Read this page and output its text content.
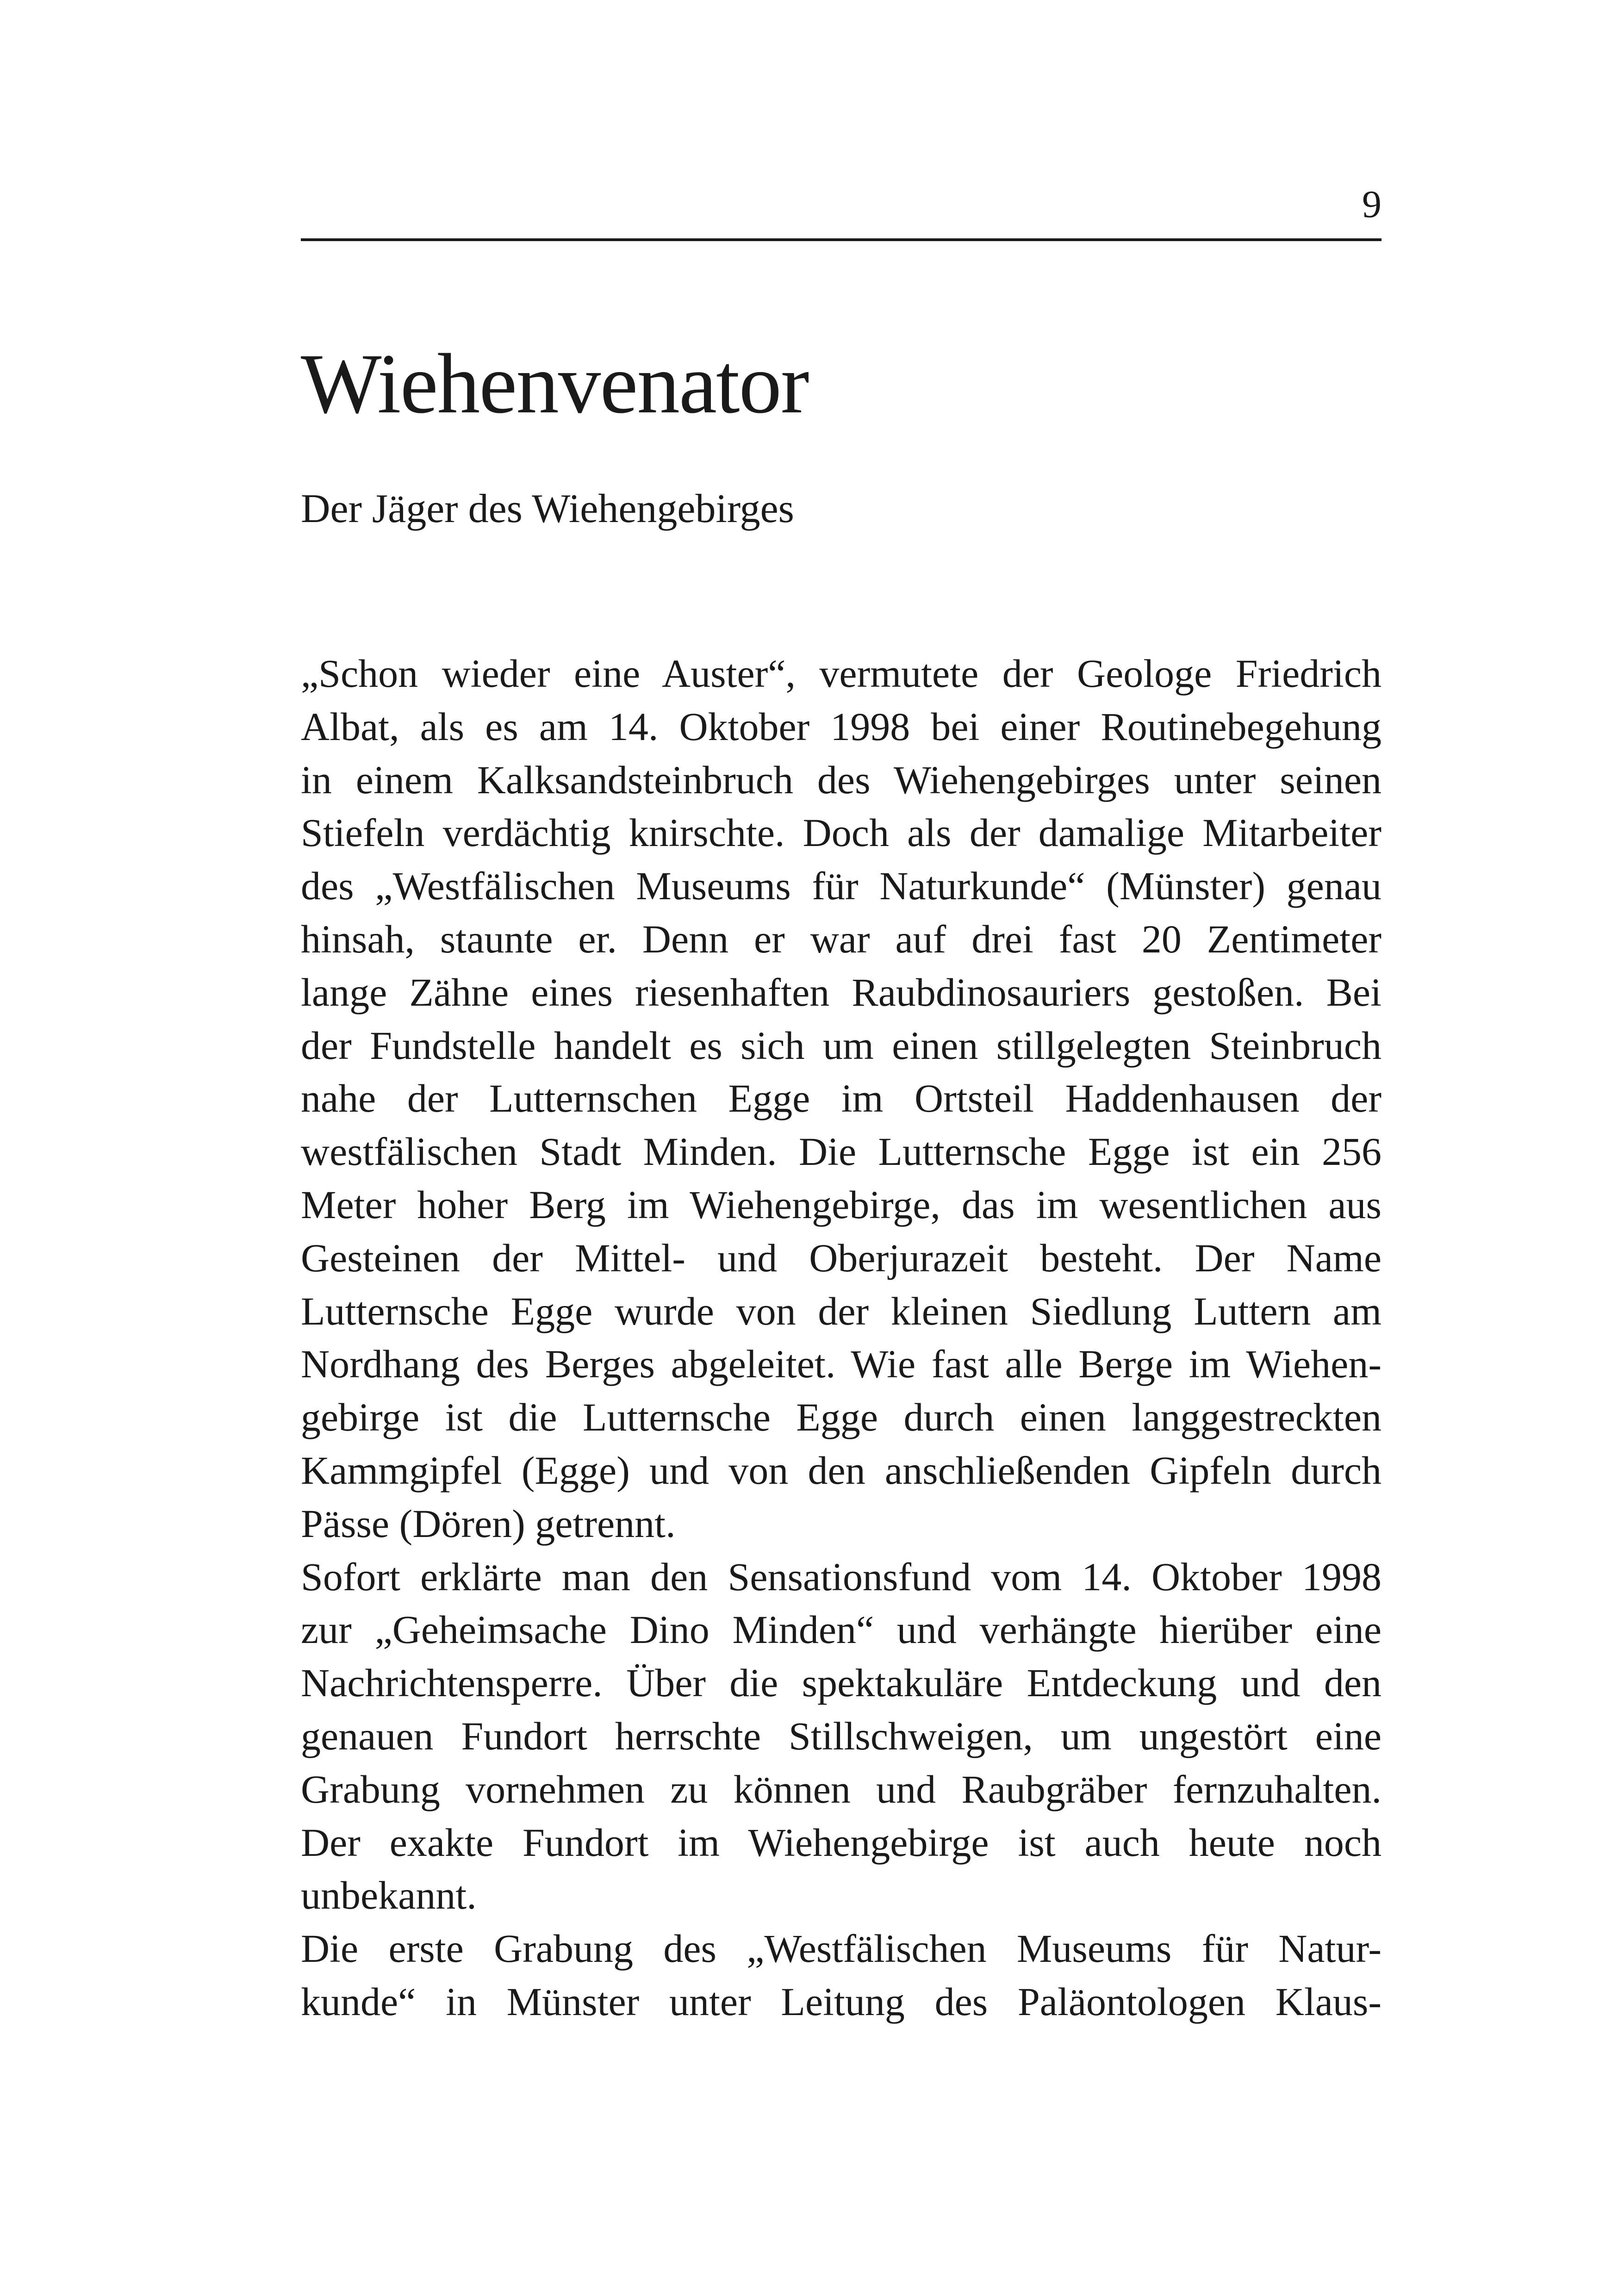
9
Wiehenvenator
Der Jäger des Wiehengebirges
„Schon wieder eine Auster“, vermutete der Geologe Friedrich
Albat, als es am 14. Oktober 1998 bei einer Routinebegehung
in einem Kalksandsteinbruch des Wiehengebirges unter seinen
Stiefeln verdächtig knirschte. Doch als der damalige Mitarbeiter
des „Westfälischen Museums für Naturkunde“ (Münster) genau
hinsah, staunte er. Denn er war auf drei fast 20 Zentimeter
lange Zähne eines riesenhaften Raubdinosauriers gestoßen. Bei
der Fundstelle handelt es sich um einen stillgelegten Steinbruch
nahe der Lutternschen Egge im Ortsteil Haddenhausen der
westfälischen Stadt Minden. Die Lutternsche Egge ist ein 256
Meter hoher Berg im Wiehengebirge, das im wesentlichen aus
Gesteinen der Mittel- und Oberjurazeit besteht. Der Name
Lutternsche Egge wurde von der kleinen Siedlung Luttern am
Nordhang des Berges abgeleitet. Wie fast alle Berge im Wiehen-
gebirge ist die Lutternsche Egge durch einen langgestreckten
Kammgipfel (Egge) und von den anschließenden Gipfeln durch
Pässe (Dören) getrennt.
Sofort erklärte man den Sensationsfund vom 14. Oktober 1998
zur „Geheimsache Dino Minden“ und verhängte hierüber eine
Nachrichtensperre. Über die spektakuläre Entdeckung und den
genauen Fundort herrschte Stillschweigen, um ungestört eine
Grabung vornehmen zu können und Raubgräber fernzuhalten.
Der exakte Fundort im Wiehengebirge ist auch heute noch
unbekannt.
Die erste Grabung des „Westfälischen Museums für Natur-
kunde“ in Münster unter Leitung des Paläontologen Klaus-
